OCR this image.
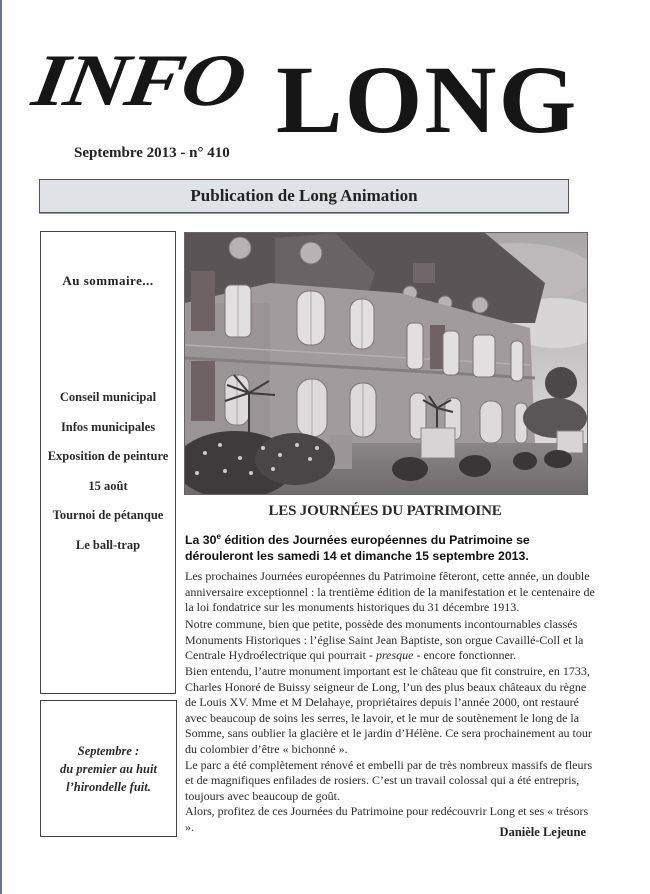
INFO LONG
Septembre 2013 - n° 410
Publication de Long Animation
Au sommaire...
Conseil municipal
Infos municipales
Exposition de peinture
15 août
Tournoi de pétanque
Le ball-trap
Septembre :
du premier au huit
l’hirondelle fuit.
LES JOURNÉES DU PATRIMOINE
La 30e édition des Journées européennes du Patrimoine se dérouleront les samedi 14 et dimanche 15 septembre 2013.
Les prochaines Journées européennes du Patrimoine fêteront, cette année, un double anniversaire exceptionnel : la trentième édition de la manifestation et le centenaire de la loi fondatrice sur les monuments historiques du 31 décembre 1913.
Notre commune, bien que petite, possède des monuments incontournables classés Monuments Historiques : l’église Saint Jean Baptiste, son orgue Cavaillé-Coll et la Centrale Hydroélectrique qui pourrait - presque - encore fonctionner.
Bien entendu, l’autre monument important est le château que fit construire, en 1733, Charles Honoré de Buissy seigneur de Long, l’un des plus beaux châteaux du règne de Louis XV. Mme et M Delahaye, propriétaires depuis l’année 2000, ont restauré avec beaucoup de soins les serres, le lavoir, et le mur de soutènement le long de la Somme, sans oublier la glacière et le jardin d’Hélène. Ce sera prochainement au tour du colombier d’être « bichonné ».
Le parc a été complètement rénové et embelli par de très nombreux massifs de fleurs et de magnifiques enfilades de rosiers. C’est un travail colossal qui a été entrepris, toujours avec beaucoup de goût.
Alors, profitez de ces Journées du Patrimoine pour redécouvrir Long et ses « trésors ».	Danièle Lejeune
